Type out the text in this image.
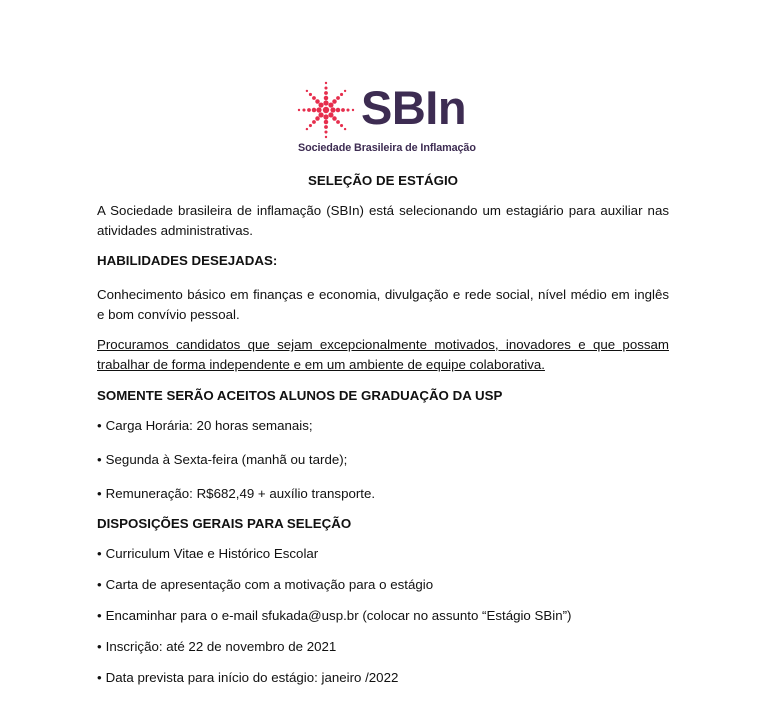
SBIn
Sociedade Brasileira de Inflamação

SELEÇÃO DE ESTÁGIO

A Sociedade brasileira de inflamação (SBIn) está selecionando um estagiário para auxiliar nas atividades administrativas.

HABILIDADES DESEJADAS:

Conhecimento básico em finanças e economia, divulgação e rede social, nível médio em inglês e bom convívio pessoal.

Procuramos candidatos que sejam excepcionalmente motivados, inovadores e que possam trabalhar de forma independente e em um ambiente de equipe colaborativa.

SOMENTE SERÃO ACEITOS ALUNOS DE GRADUAÇÃO DA USP

• Carga Horária: 20 horas semanais;
• Segunda à Sexta-feira (manhã ou tarde);
• Remuneração: R$682,49 + auxílio transporte.

DISPOSIÇÕES GERAIS PARA SELEÇÃO

• Curriculum Vitae e Histórico Escolar
• Carta de apresentação com a motivação para o estágio
• Encaminhar para o e-mail sfukada@usp.br (colocar no assunto “Estágio SBin”)
• Inscrição: até 22 de novembro de 2021
• Data prevista para início do estágio: janeiro /2022
